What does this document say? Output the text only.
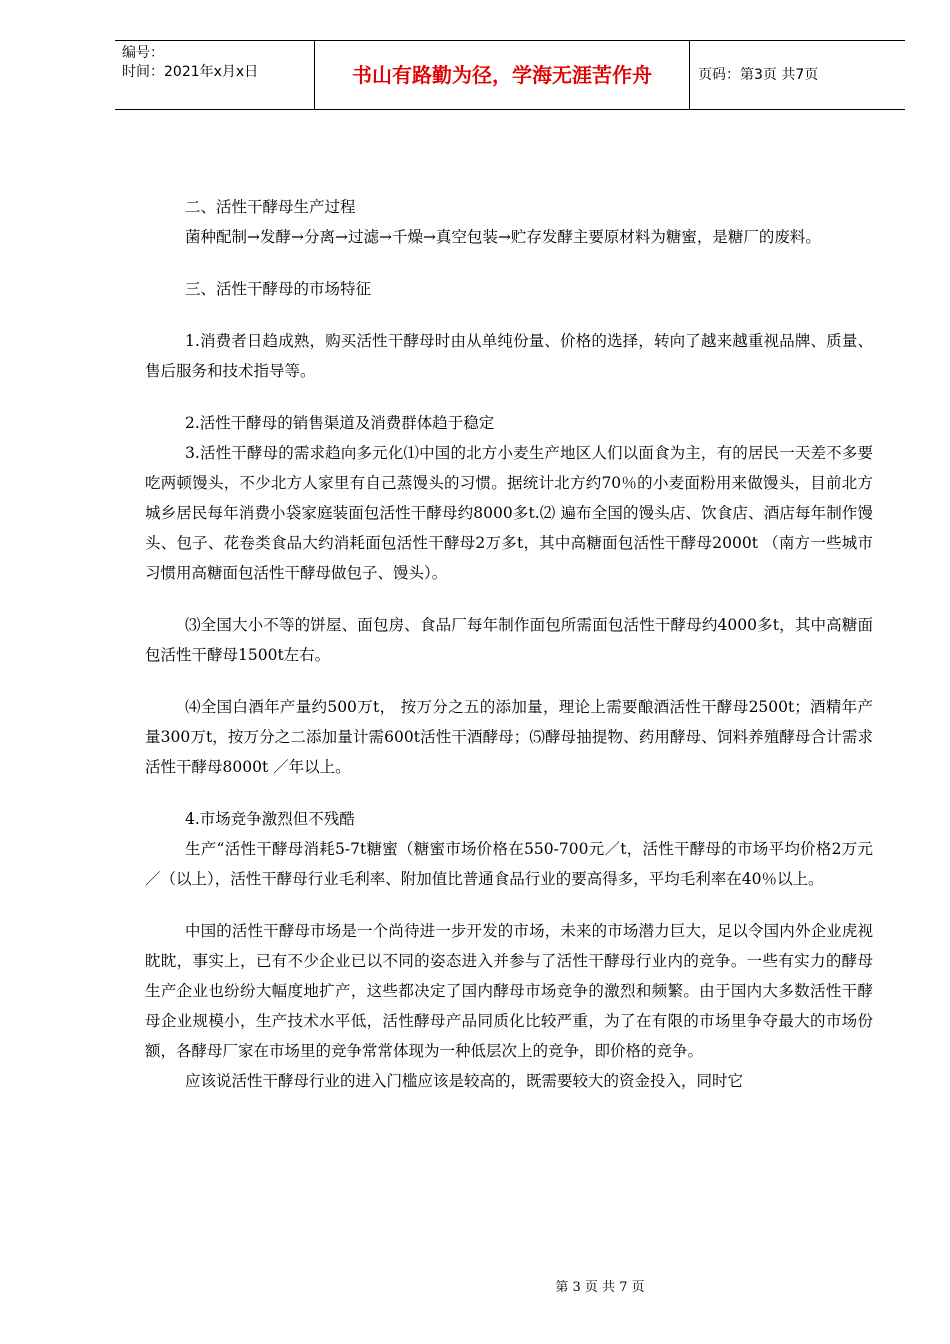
编号：
时间：2021年x月x日	书山有路勤为径，学海无涯苦作舟	页码：第3页 共7页

二、活性干酵母生产过程

菌种配制→发酵→分离→过滤→千燥→真空包装→贮存发酵主要原材料为糖蜜，是糖厂的废料。

三、活性干酵母的市场特征

1.消费者日趋成熟，购买活性干酵母时由从单纯份量、价格的选择，转向了越来越重视品牌、质量、售后服务和技术指导等。

2.活性干酵母的销售渠道及消费群体趋于稳定

3.活性干酵母的需求趋向多元化⑴中国的北方小麦生产地区人们以面食为主，有的居民一天差不多要吃两顿馒头，不少北方人家里有自己蒸馒头的习惯。据统计北方约70％的小麦面粉用来做馒头，目前北方城乡居民每年消费小袋家庭装面包活性干酵母约8000多t.⑵ 遍布全国的馒头店、饮食店、酒店每年制作馒头、包子、花卷类食品大约消耗面包活性干酵母2万多t，其中高糖面包活性干酵母2000t （南方一些城市习惯用高糖面包活性干酵母做包子、馒头）。

⑶全国大小不等的饼屋、面包房、食品厂每年制作面包所需面包活性干酵母约4000多t，其中高糖面包活性干酵母1500t左右。

⑷全国白酒年产量约500万t， 按万分之五的添加量，理论上需要酿酒活性干酵母2500t；酒精年产量300万t，按万分之二添加量计需600t活性干酒酵母；⑸酵母抽提物、药用酵母、饲料养殖酵母合计需求活性干酵母8000t ／年以上。

4.市场竞争激烈但不残酷

生产“活性干酵母消耗5-7t糖蜜（糖蜜市场价格在550-700元／t，活性干酵母的市场平均价格2万元／（以上），活性干酵母行业毛利率、附加值比普通食品行业的要高得多，平均毛利率在40％以上。

中国的活性干酵母市场是一个尚待进一步开发的市场，未来的市场潜力巨大，足以令国内外企业虎视眈眈，事实上，已有不少企业已以不同的姿态进入并参与了活性干酵母行业内的竞争。一些有实力的酵母生产企业也纷纷大幅度地扩产，这些都决定了国内酵母市场竞争的激烈和频繁。由于国内大多数活性干酵母企业规模小，生产技术水平低，活性酵母产品同质化比较严重，为了在有限的市场里争夺最大的市场份额，各酵母厂家在市场里的竞争常常体现为一种低层次上的竞争，即价格的竞争。

应该说活性干酵母行业的进入门槛应该是较高的，既需要较大的资金投入，同时它

第 3 页 共 7 页
